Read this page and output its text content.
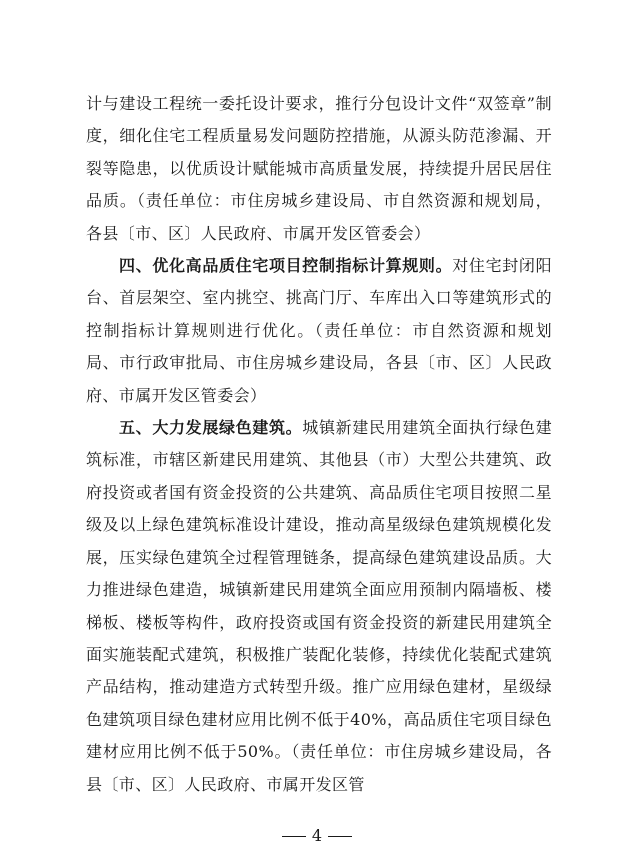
计与建设工程统一委托设计要求，推行分包设计文件“双签章”制度，细化住宅工程质量易发问题防控措施，从源头防范渗漏、开裂等隐患，以优质设计赋能城市高质量发展，持续提升居民居住品质。（责任单位：市住房城乡建设局、市自然资源和规划局，各县〔市、区〕人民政府、市属开发区管委会）

四、优化高品质住宅项目控制指标计算规则。对住宅封闭阳台、首层架空、室内挑空、挑高门厅、车库出入口等建筑形式的控制指标计算规则进行优化。（责任单位：市自然资源和规划局、市行政审批局、市住房城乡建设局，各县〔市、区〕人民政府、市属开发区管委会）

五、大力发展绿色建筑。城镇新建民用建筑全面执行绿色建筑标准，市辖区新建民用建筑、其他县（市）大型公共建筑、政府投资或者国有资金投资的公共建筑、高品质住宅项目按照二星级及以上绿色建筑标准设计建设，推动高星级绿色建筑规模化发展，压实绿色建筑全过程管理链条，提高绿色建筑建设品质。大力推进绿色建造，城镇新建民用建筑全面应用预制内隔墙板、楼梯板、楼板等构件，政府投资或国有资金投资的新建民用建筑全面实施装配式建筑，积极推广装配化装修，持续优化装配式建筑产品结构，推动建造方式转型升级。推广应用绿色建材，星级绿色建筑项目绿色建材应用比例不低于40%，高品质住宅项目绿色建材应用比例不低于50%。（责任单位：市住房城乡建设局，各县〔市、区〕人民政府、市属开发区管

4
